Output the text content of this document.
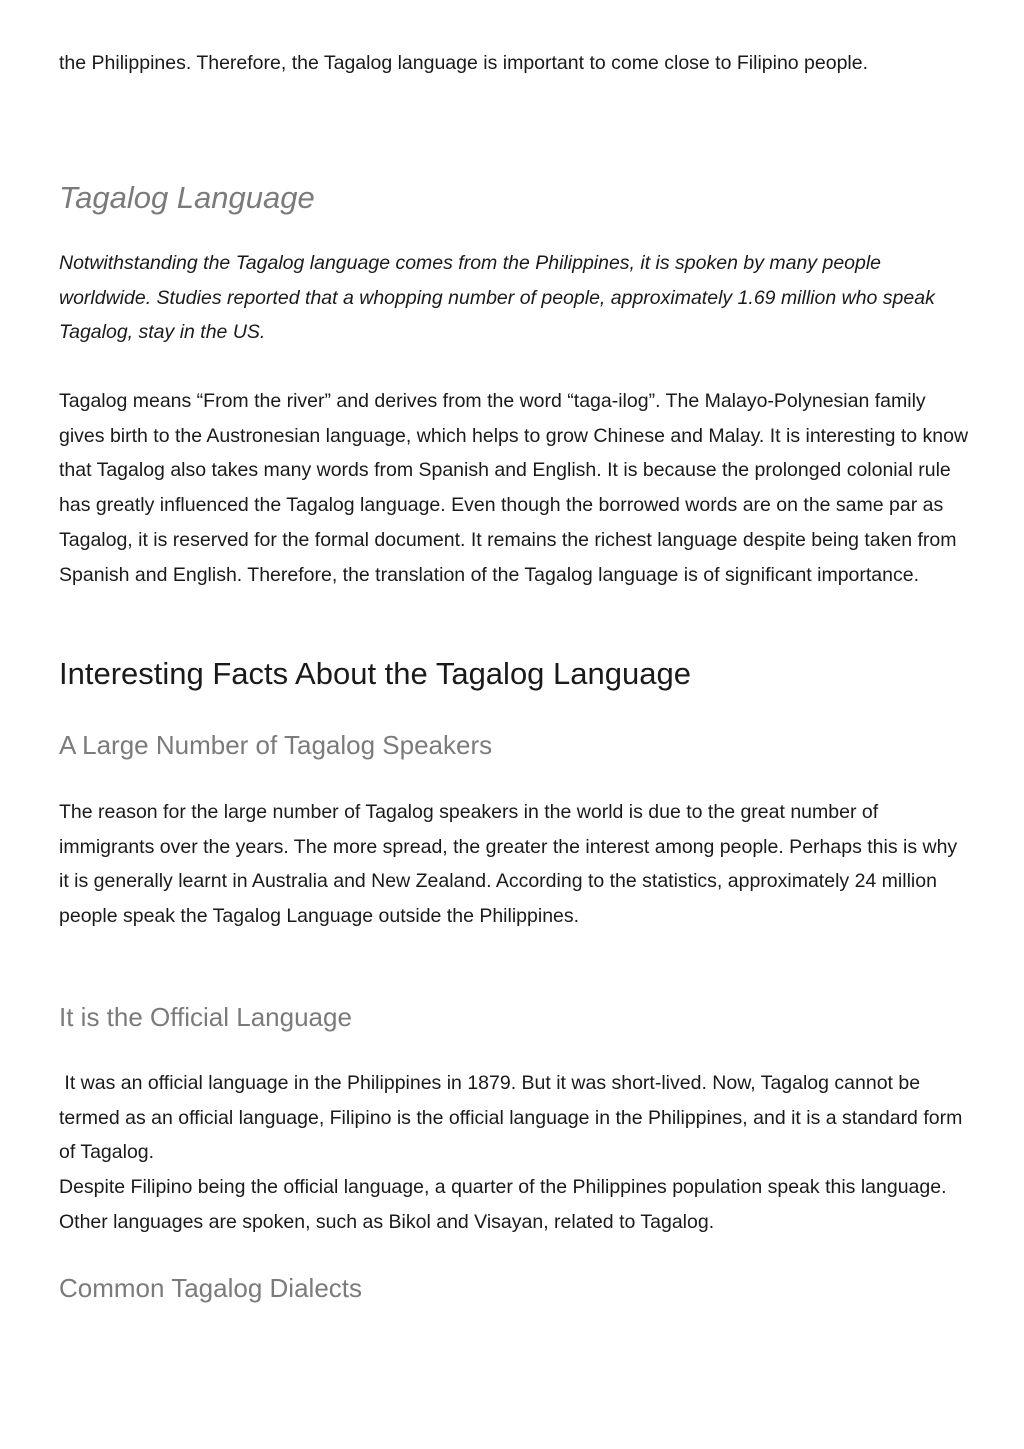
the Philippines. Therefore, the Tagalog language is important to come close to Filipino people.

Tagalog Language

Notwithstanding the Tagalog language comes from the Philippines, it is spoken by many people worldwide. Studies reported that a whopping number of people, approximately 1.69 million who speak Tagalog, stay in the US.

Tagalog means “From the river” and derives from the word “taga-ilog”. The Malayo-Polynesian family gives birth to the Austronesian language, which helps to grow Chinese and Malay. It is interesting to know that Tagalog also takes many words from Spanish and English. It is because the prolonged colonial rule has greatly influenced the Tagalog language. Even though the borrowed words are on the same par as Tagalog, it is reserved for the formal document. It remains the richest language despite being taken from Spanish and English. Therefore, the translation of the Tagalog language is of significant importance.

Interesting Facts About the Tagalog Language
A Large Number of Tagalog Speakers

The reason for the large number of Tagalog speakers in the world is due to the great number of immigrants over the years. The more spread, the greater the interest among people. Perhaps this is why it is generally learnt in Australia and New Zealand. According to the statistics, approximately 24 million people speak the Tagalog Language outside the Philippines.

It is the Official Language

It was an official language in the Philippines in 1879. But it was short-lived. Now, Tagalog cannot be termed as an official language, Filipino is the official language in the Philippines, and it is a standard form of Tagalog.

Despite Filipino being the official language, a quarter of the Philippines population speak this language. Other languages are spoken, such as Bikol and Visayan, related to Tagalog.

Common Tagalog Dialects
